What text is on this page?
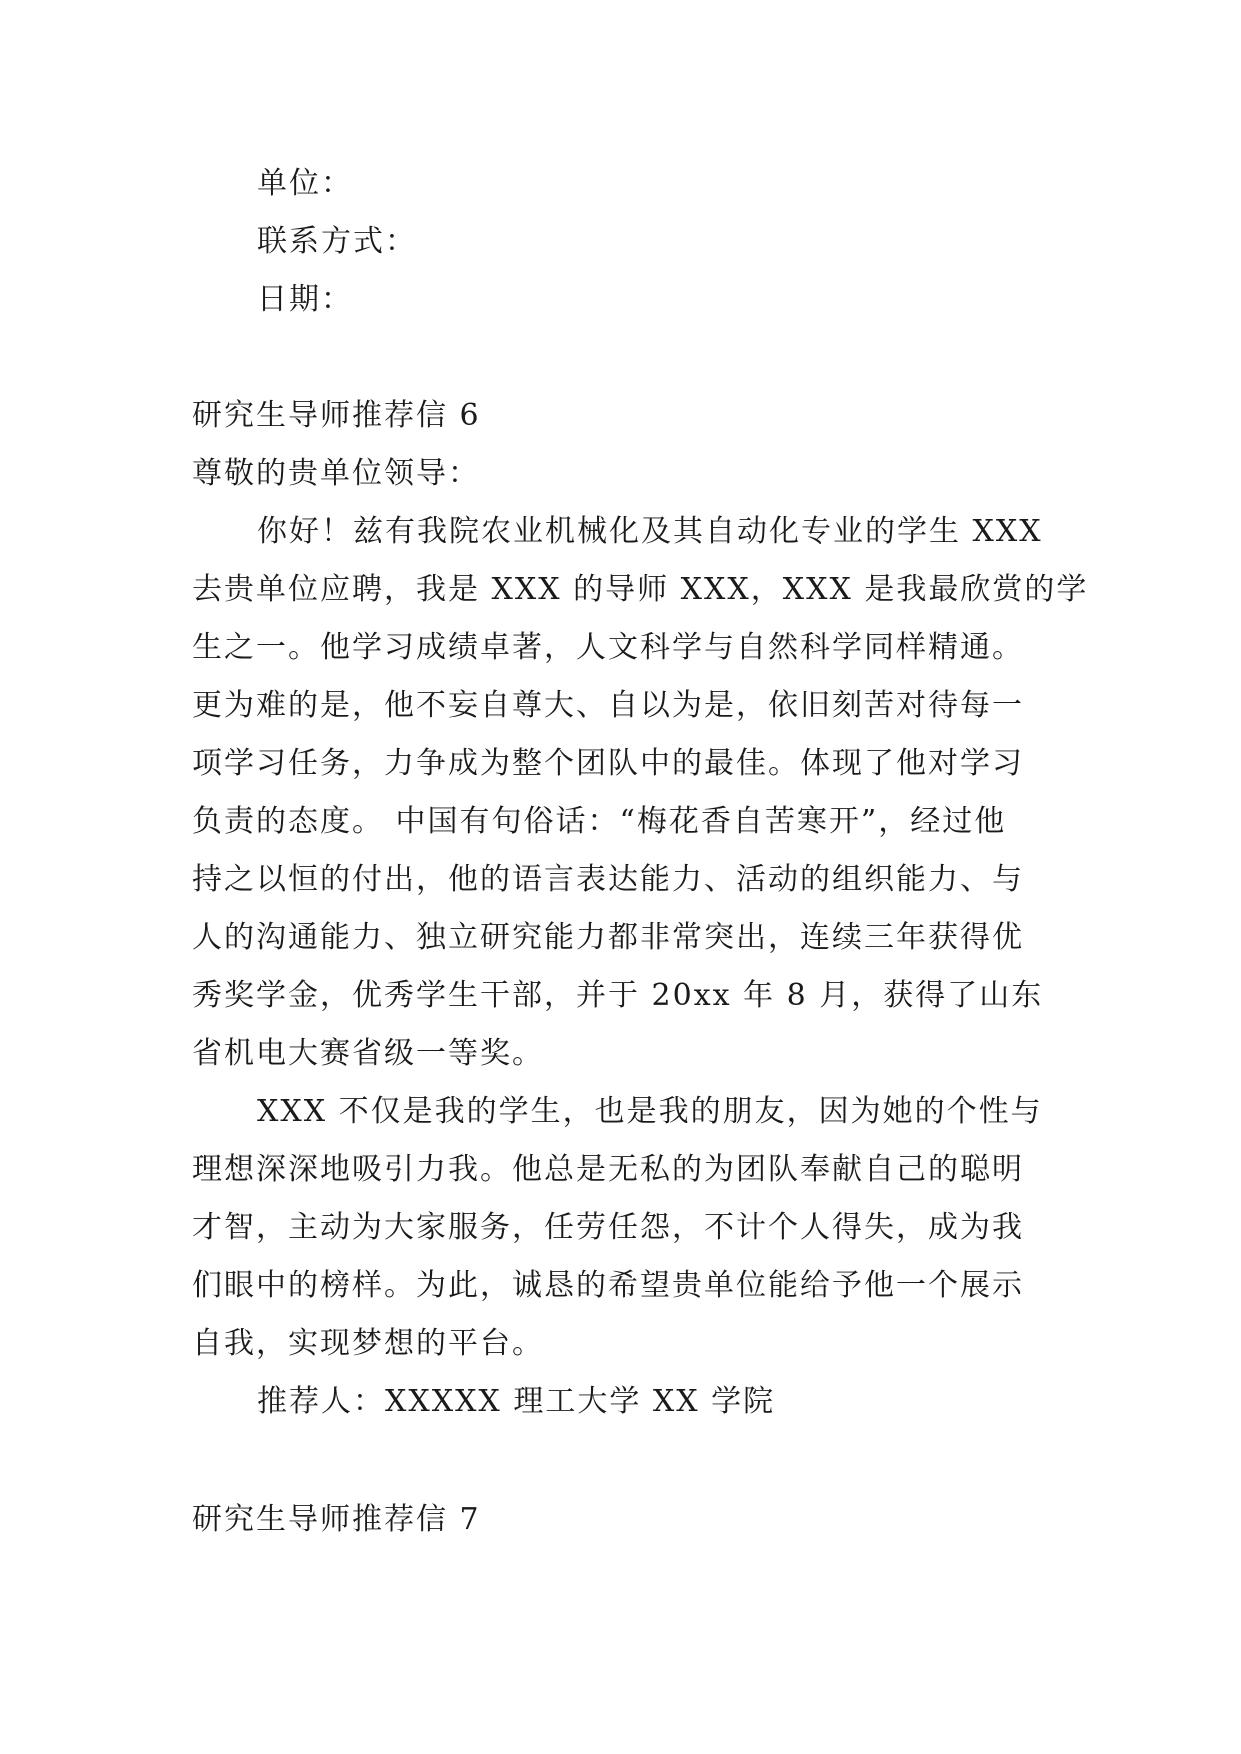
单位：
联系方式：
日期：
研究生导师推荐信 6
尊敬的贵单位领导：
你好！兹有我院农业机械化及其自动化专业的学生 XXX
去贵单位应聘，我是 XXX 的导师 XXX，XXX 是我最欣赏的学
生之一。他学习成绩卓著，人文科学与自然科学同样精通。
更为难的是，他不妄自尊大、自以为是，依旧刻苦对待每一
项学习任务，力争成为整个团队中的最佳。体现了他对学习
负责的态度。 中国有句俗话：“梅花香自苦寒开”，经过他
持之以恒的付出，他的语言表达能力、活动的组织能力、与
人的沟通能力、独立研究能力都非常突出，连续三年获得优
秀奖学金，优秀学生干部，并于 20xx 年 8 月，获得了山东
省机电大赛省级一等奖。
XXX 不仅是我的学生，也是我的朋友，因为她的个性与
理想深深地吸引力我。他总是无私的为团队奉献自己的聪明
才智，主动为大家服务，任劳任怨，不计个人得失，成为我
们眼中的榜样。为此，诚恳的希望贵单位能给予他一个展示
自我，实现梦想的平台。
推荐人：XXXXX 理工大学 XX 学院
研究生导师推荐信 7
